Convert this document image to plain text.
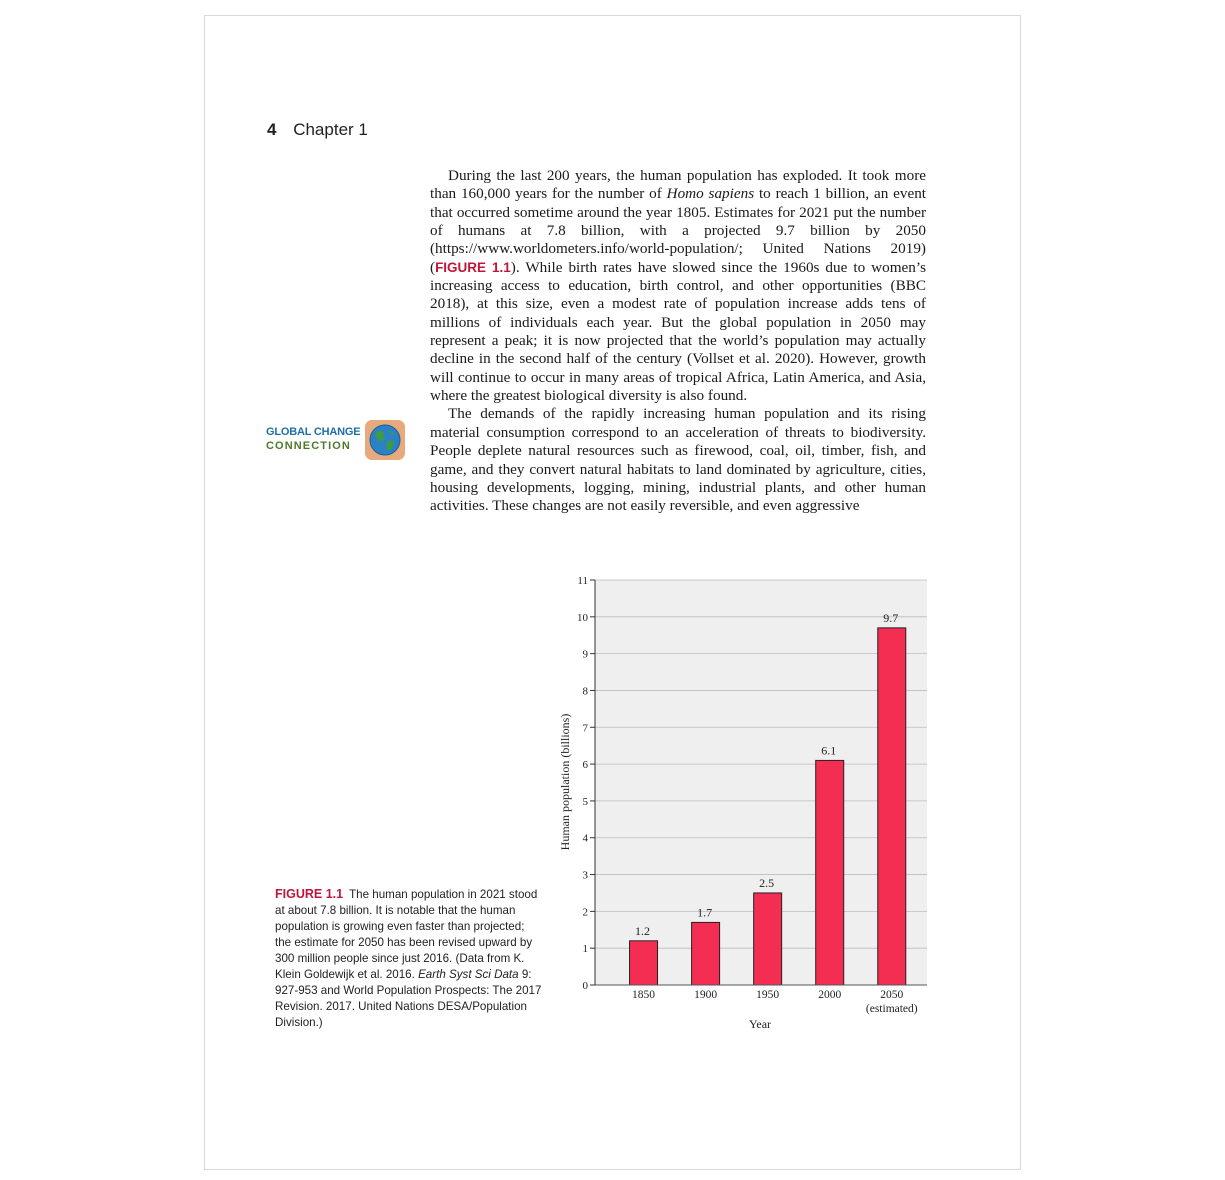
4 Chapter 1

During the last 200 years, the human population has exploded. It took more than 160,000 years for the number of Homo sapiens to reach 1 billion, an event that occurred sometime around the year 1805. Estimates for 2021 put the number of humans at 7.8 billion, with a projected 9.7 billion by 2050 (https://www.worldometers.info/world-population/; United Nations 2019) (FIGURE 1.1). While birth rates have slowed since the 1960s due to women’s increasing access to education, birth control, and other opportunities (BBC 2018), at this size, even a modest rate of population increase adds tens of millions of individuals each year. But the global population in 2050 may represent a peak; it is now projected that the world’s population may actually decline in the second half of the century (Vollset et al. 2020). However, growth will continue to occur in many areas of tropical Africa, Latin America, and Asia, where the greatest biological diversity is also found.

The demands of the rapidly increasing human population and its rising material consumption correspond to an acceleration of threats to biodiversity. People deplete natural resources such as firewood, coal, oil, timber, fish, and game, and they convert natural habitats to land dominated by agriculture, cities, housing developments, logging, mining, industrial plants, and other human activities. These changes are not easily reversible, and even aggressive

GLOBAL CHANGE
CONNECTION
0
1
2
3
4
5
6
7
8
9
10
11
1.2
1850
1.7
1900
2.5
1950
6.1
2000
9.7
2050
(estimated)
Human population (billions)
Year
FIGURE 1.1 The human population in 2021 stood at about 7.8 billion. It is notable that the human population is growing even faster than projected; the estimate for 2050 has been revised upward by 300 million people since just 2016. (Data from K. Klein Goldewijk et al. 2016. Earth Syst Sci Data 9: 927-953 and World Population Prospects: The 2017 Revision. 2017. United Nations DESA/Population Division.)
